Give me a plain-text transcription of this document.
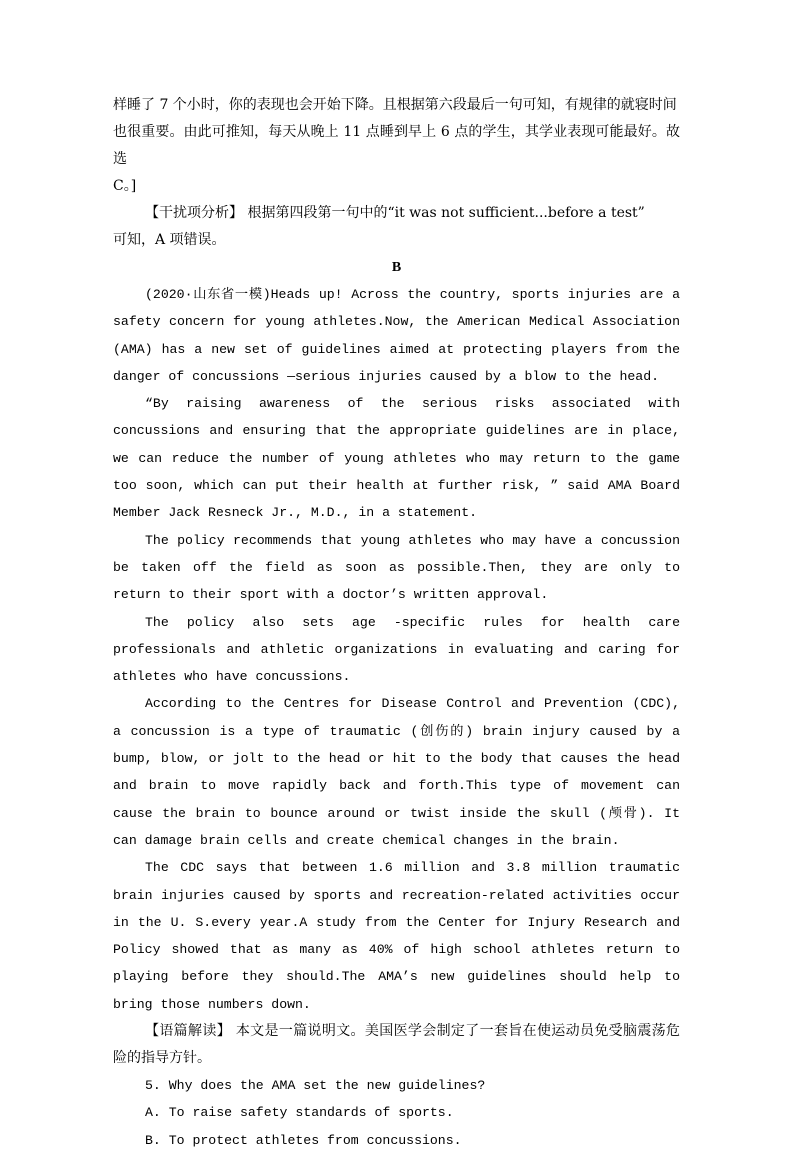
样睡了 7 个小时，你的表现也会开始下降。且根据第六段最后一句可知，有规律的就寝时间

也很重要。由此可推知，每天从晚上 11 点睡到早上 6 点的学生，其学业表现可能最好。故选

C。]

【干扰项分析】 根据第四段第一句中的“it was not sufficient...before a test”

可知，A 项错误。

B

(2020·山东省一模)Heads up! Across the country, sports injuries are a safety concern for young athletes.Now, the American Medical Association (AMA) has a new set of guidelines aimed at protecting players from the danger of concussions —serious injuries caused by a blow to the head.

“By raising awareness of the serious risks associated with concussions and ensuring that the appropriate guidelines are in place, we can reduce the number of young athletes who may return to the game too soon, which can put their health at further risk, ” said AMA Board Member Jack Resneck Jr., M.D., in a statement.

The policy recommends that young athletes who may have a concussion be taken off the field as soon as possible.Then, they are only to return to their sport with a doctor’s written approval.

The policy also sets age -specific rules for health care professionals and athletic organizations in evaluating and caring for athletes who have concussions.

According to the Centres for Disease Control and Prevention (CDC), a concussion is a type of traumatic (创伤的) brain injury caused by a bump, blow, or jolt to the head or hit to the body that causes the head and brain to move rapidly back and forth.This type of movement can cause the brain to bounce around or twist inside the skull (颅骨). It can damage brain cells and create chemical changes in the brain.

The CDC says that between 1.6 million and 3.8 million traumatic brain injuries caused by sports and recreation-related activities occur in the U. S.every year.A study from the Center for Injury Research and Policy showed that as many as 40% of high school athletes return to playing before they should.The AMA’s new guidelines should help to bring those numbers down.

【语篇解读】 本文是一篇说明文。美国医学会制定了一套旨在使运动员免受脑震荡危险的指导方针。

5. Why does the AMA set the new guidelines?

A. To raise safety standards of sports.

B. To protect athletes from concussions.
